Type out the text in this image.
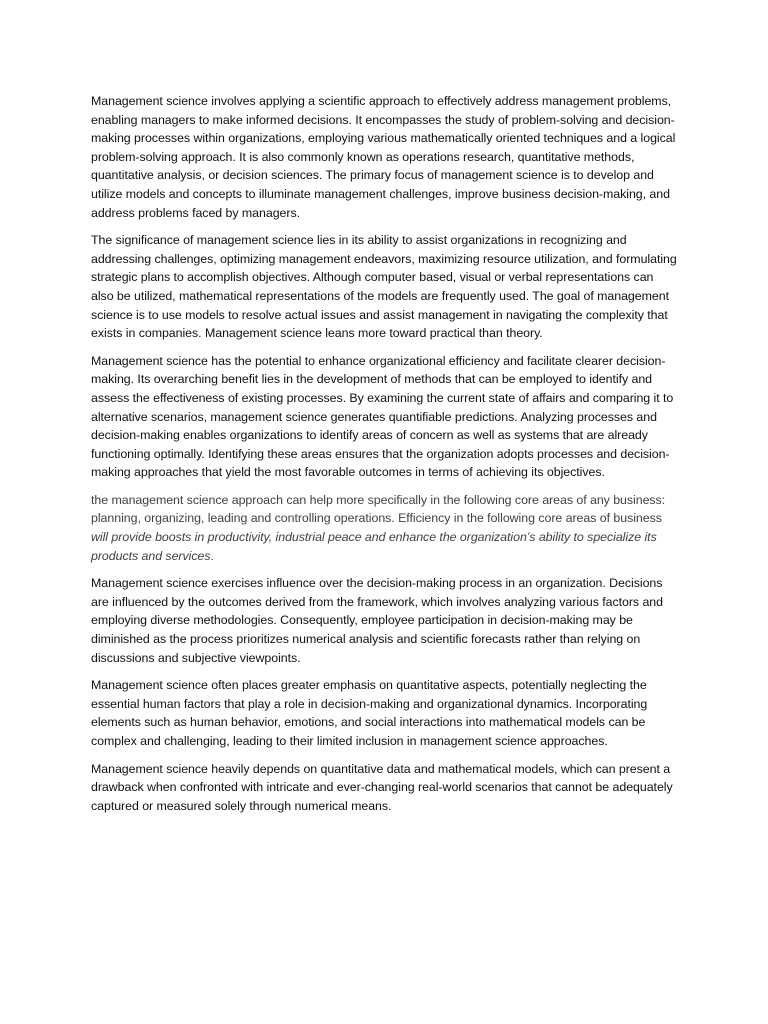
Management science involves applying a scientific approach to effectively address management problems, enabling managers to make informed decisions. It encompasses the study of problem-solving and decision-making processes within organizations, employing various mathematically oriented techniques and a logical problem-solving approach. It is also commonly known as operations research, quantitative methods, quantitative analysis, or decision sciences. The primary focus of management science is to develop and utilize models and concepts to illuminate management challenges, improve business decision-making, and address problems faced by managers.

The significance of management science lies in its ability to assist organizations in recognizing and addressing challenges, optimizing management endeavors, maximizing resource utilization, and formulating strategic plans to accomplish objectives. Although computer based, visual or verbal representations can also be utilized, mathematical representations of the models are frequently used. The goal of management science is to use models to resolve actual issues and assist management in navigating the complexity that exists in companies. Management science leans more toward practical than theory.

Management science has the potential to enhance organizational efficiency and facilitate clearer decision-making. Its overarching benefit lies in the development of methods that can be employed to identify and assess the effectiveness of existing processes. By examining the current state of affairs and comparing it to alternative scenarios, management science generates quantifiable predictions. Analyzing processes and decision-making enables organizations to identify areas of concern as well as systems that are already functioning optimally. Identifying these areas ensures that the organization adopts processes and decision-making approaches that yield the most favorable outcomes in terms of achieving its objectives.

the management science approach can help more specifically in the following core areas of any business: planning, organizing, leading and controlling operations. Efficiency in the following core areas of business will provide boosts in productivity, industrial peace and enhance the organization’s ability to specialize its products and services.

Management science exercises influence over the decision-making process in an organization. Decisions are influenced by the outcomes derived from the framework, which involves analyzing various factors and employing diverse methodologies. Consequently, employee participation in decision-making may be diminished as the process prioritizes numerical analysis and scientific forecasts rather than relying on discussions and subjective viewpoints.

Management science often places greater emphasis on quantitative aspects, potentially neglecting the essential human factors that play a role in decision-making and organizational dynamics. Incorporating elements such as human behavior, emotions, and social interactions into mathematical models can be complex and challenging, leading to their limited inclusion in management science approaches.

Management science heavily depends on quantitative data and mathematical models, which can present a drawback when confronted with intricate and ever-changing real-world scenarios that cannot be adequately captured or measured solely through numerical means.
